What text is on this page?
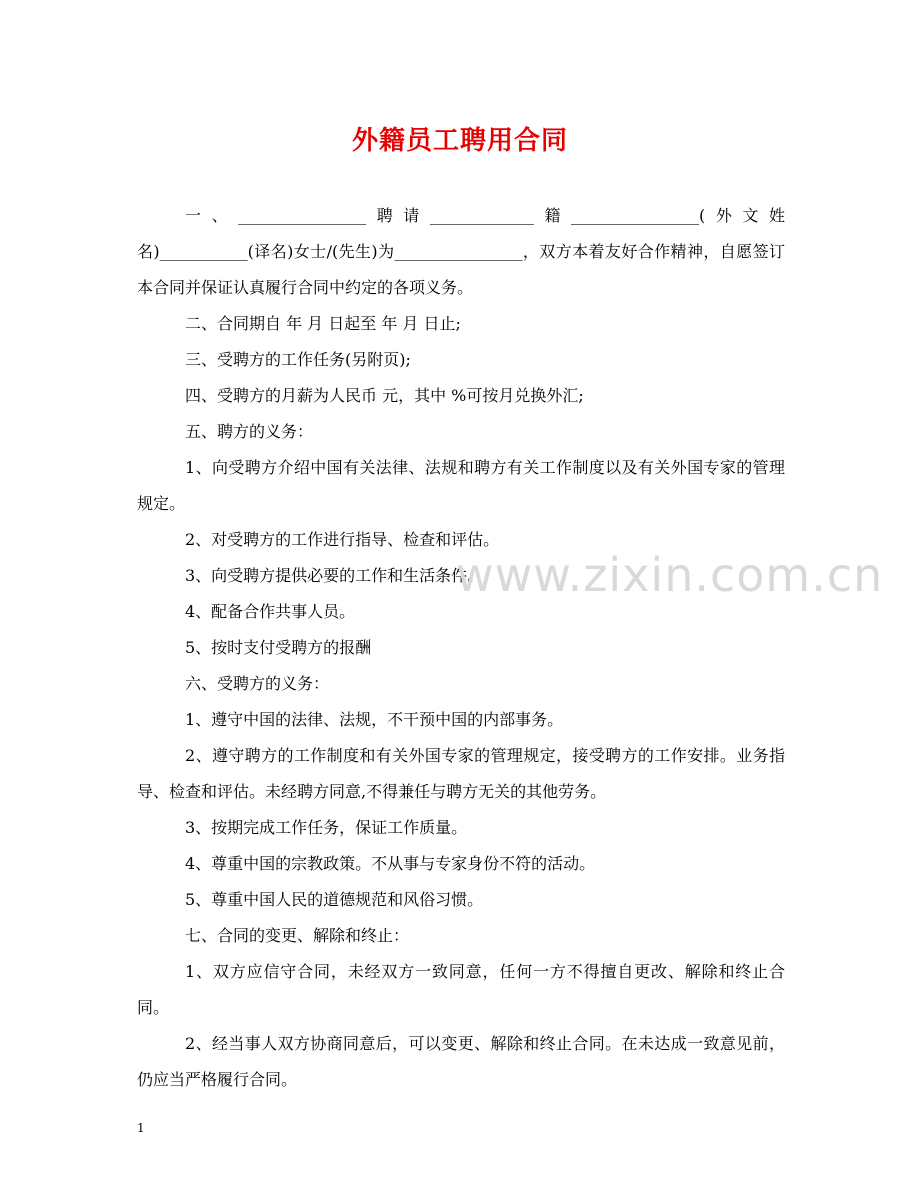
外籍员工聘用合同

一、________________聘请_____________籍________________(外文姓名)___________(译名)女士/(先生)为________________，双方本着友好合作精神，自愿签订本合同并保证认真履行合同中约定的各项义务。

二、合同期自 年 月 日起至 年 月 日止;

三、受聘方的工作任务(另附页);

四、受聘方的月薪为人民币 元，其中 %可按月兑换外汇;

五、聘方的义务：

1、向受聘方介绍中国有关法律、法规和聘方有关工作制度以及有关外国专家的管理规定。

2、对受聘方的工作进行指导、检查和评估。

3、向受聘方提供必要的工作和生活条件。

4、配备合作共事人员。

5、按时支付受聘方的报酬

六、受聘方的义务：

1、遵守中国的法律、法规，不干预中国的内部事务。

2、遵守聘方的工作制度和有关外国专家的管理规定，接受聘方的工作安排。业务指导、检查和评估。未经聘方同意,不得兼任与聘方无关的其他劳务。

3、按期完成工作任务，保证工作质量。

4、尊重中国的宗教政策。不从事与专家身份不符的活动。

5、尊重中国人民的道德规范和风俗习惯。

七、合同的变更、解除和终止：

1、双方应信守合同，未经双方一致同意，任何一方不得擅自更改、解除和终止合同。

2、经当事人双方协商同意后，可以变更、解除和终止合同。在未达成一致意见前，仍应当严格履行合同。

www.zixin.com.cn
1
